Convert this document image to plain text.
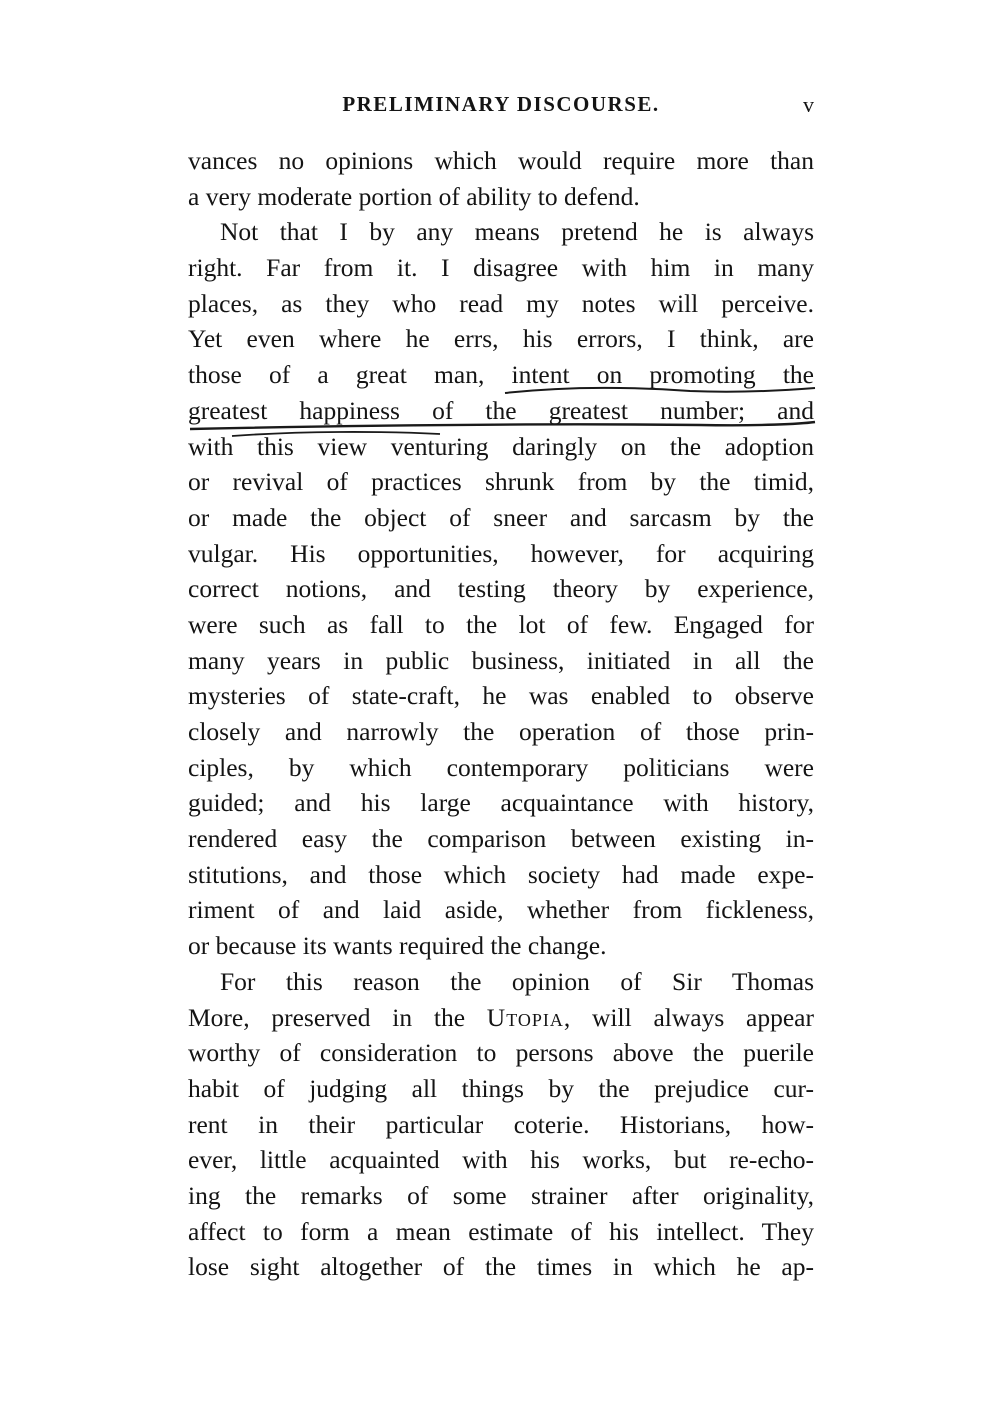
PRELIMINARY DISCOURSE.	v
vances no opinions which would require more than
a very moderate portion of ability to defend.
Not that I by any means pretend he is always
right. Far from it. I disagree with him in many
places, as they who read my notes will perceive.
Yet even where he errs, his errors, I think, are
those of a great man, intent on promoting the
greatest happiness of the greatest number; and
with this view venturing daringly on the adoption
or revival of practices shrunk from by the timid,
or made the object of sneer and sarcasm by the
vulgar. His opportunities, however, for acquiring
correct notions, and testing theory by experience,
were such as fall to the lot of few. Engaged for
many years in public business, initiated in all the
mysteries of state-craft, he was enabled to observe
closely and narrowly the operation of those prin-
ciples, by which contemporary politicians were
guided; and his large acquaintance with history,
rendered easy the comparison between existing in-
stitutions, and those which society had made expe-
riment of and laid aside, whether from fickleness,
or because its wants required the change.
For this reason the opinion of Sir Thomas
More, preserved in the Utopia, will always appear
worthy of consideration to persons above the puerile
habit of judging all things by the prejudice cur-
rent in their particular coterie. Historians, how-
ever, little acquainted with his works, but re-echo-
ing the remarks of some strainer after originality,
affect to form a mean estimate of his intellect. They
lose sight altogether of the times in which he ap-
